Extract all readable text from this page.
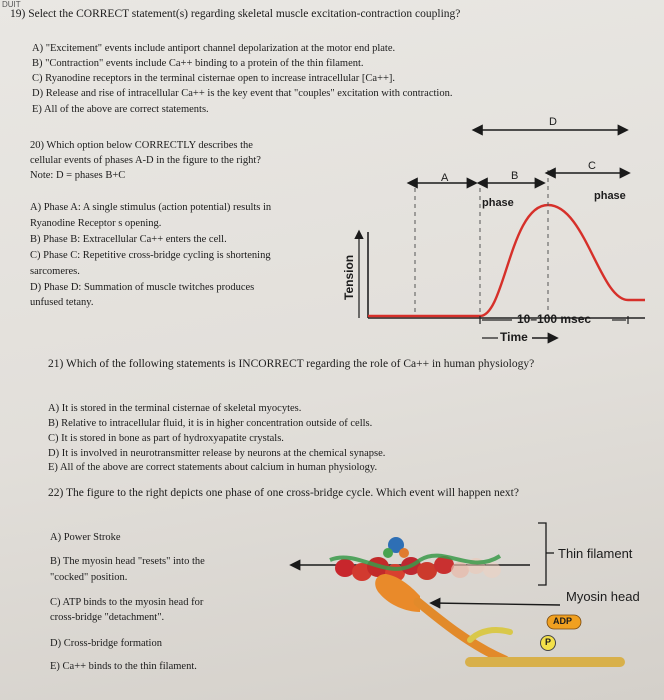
DUIT
19) Select the CORRECT statement(s) regarding skeletal muscle excitation-contraction coupling?
A) "Excitement" events include antiport channel depolarization at the motor end plate.
B) "Contraction" events include Ca++ binding to a protein of the thin filament.
C) Ryanodine receptors in the terminal cisternae open to increase intracellular [Ca++].
D) Release and rise of intracellular Ca++ is the key event that "couples" excitation with contraction.
E) All of the above are correct statements.
20) Which option below CORRECTLY describes the
cellular events of phases A-D in the figure to the right?
Note: D = phases B+C
A) Phase A: A single stimulus (action potential) results in
Ryanodine Receptor s opening.
B) Phase B: Extracellular Ca++ enters the cell.
C) Phase C: Repetitive cross-bridge cycling is shortening
sarcomeres.
D) Phase D: Summation of muscle twitches produces
unfused tetany.
Tension
A	B
C
D
phase
phase
10–100 msec
Time
21) Which of the following statements is INCORRECT regarding the role of Ca++ in human physiology?
A) It is stored in the terminal cisternae of skeletal myocytes.
B) Relative to intracellular fluid, it is in higher concentration outside of cells.
C) It is stored in bone as part of hydroxyapatite crystals.
D) It is involved in neurotransmitter release by neurons at the chemical synapse.
E) All of the above are correct statements about calcium in human physiology.
22) The figure to the right depicts one phase of one cross-bridge cycle. Which event will happen next?
A) Power Stroke
B) The myosin head "resets" into the
"cocked" position.
C) ATP binds to the myosin head for
cross-bridge "detachment".
D) Cross-bridge formation
E) Ca++ binds to the thin filament.
Thin filament
Myosin head
ADP
P
